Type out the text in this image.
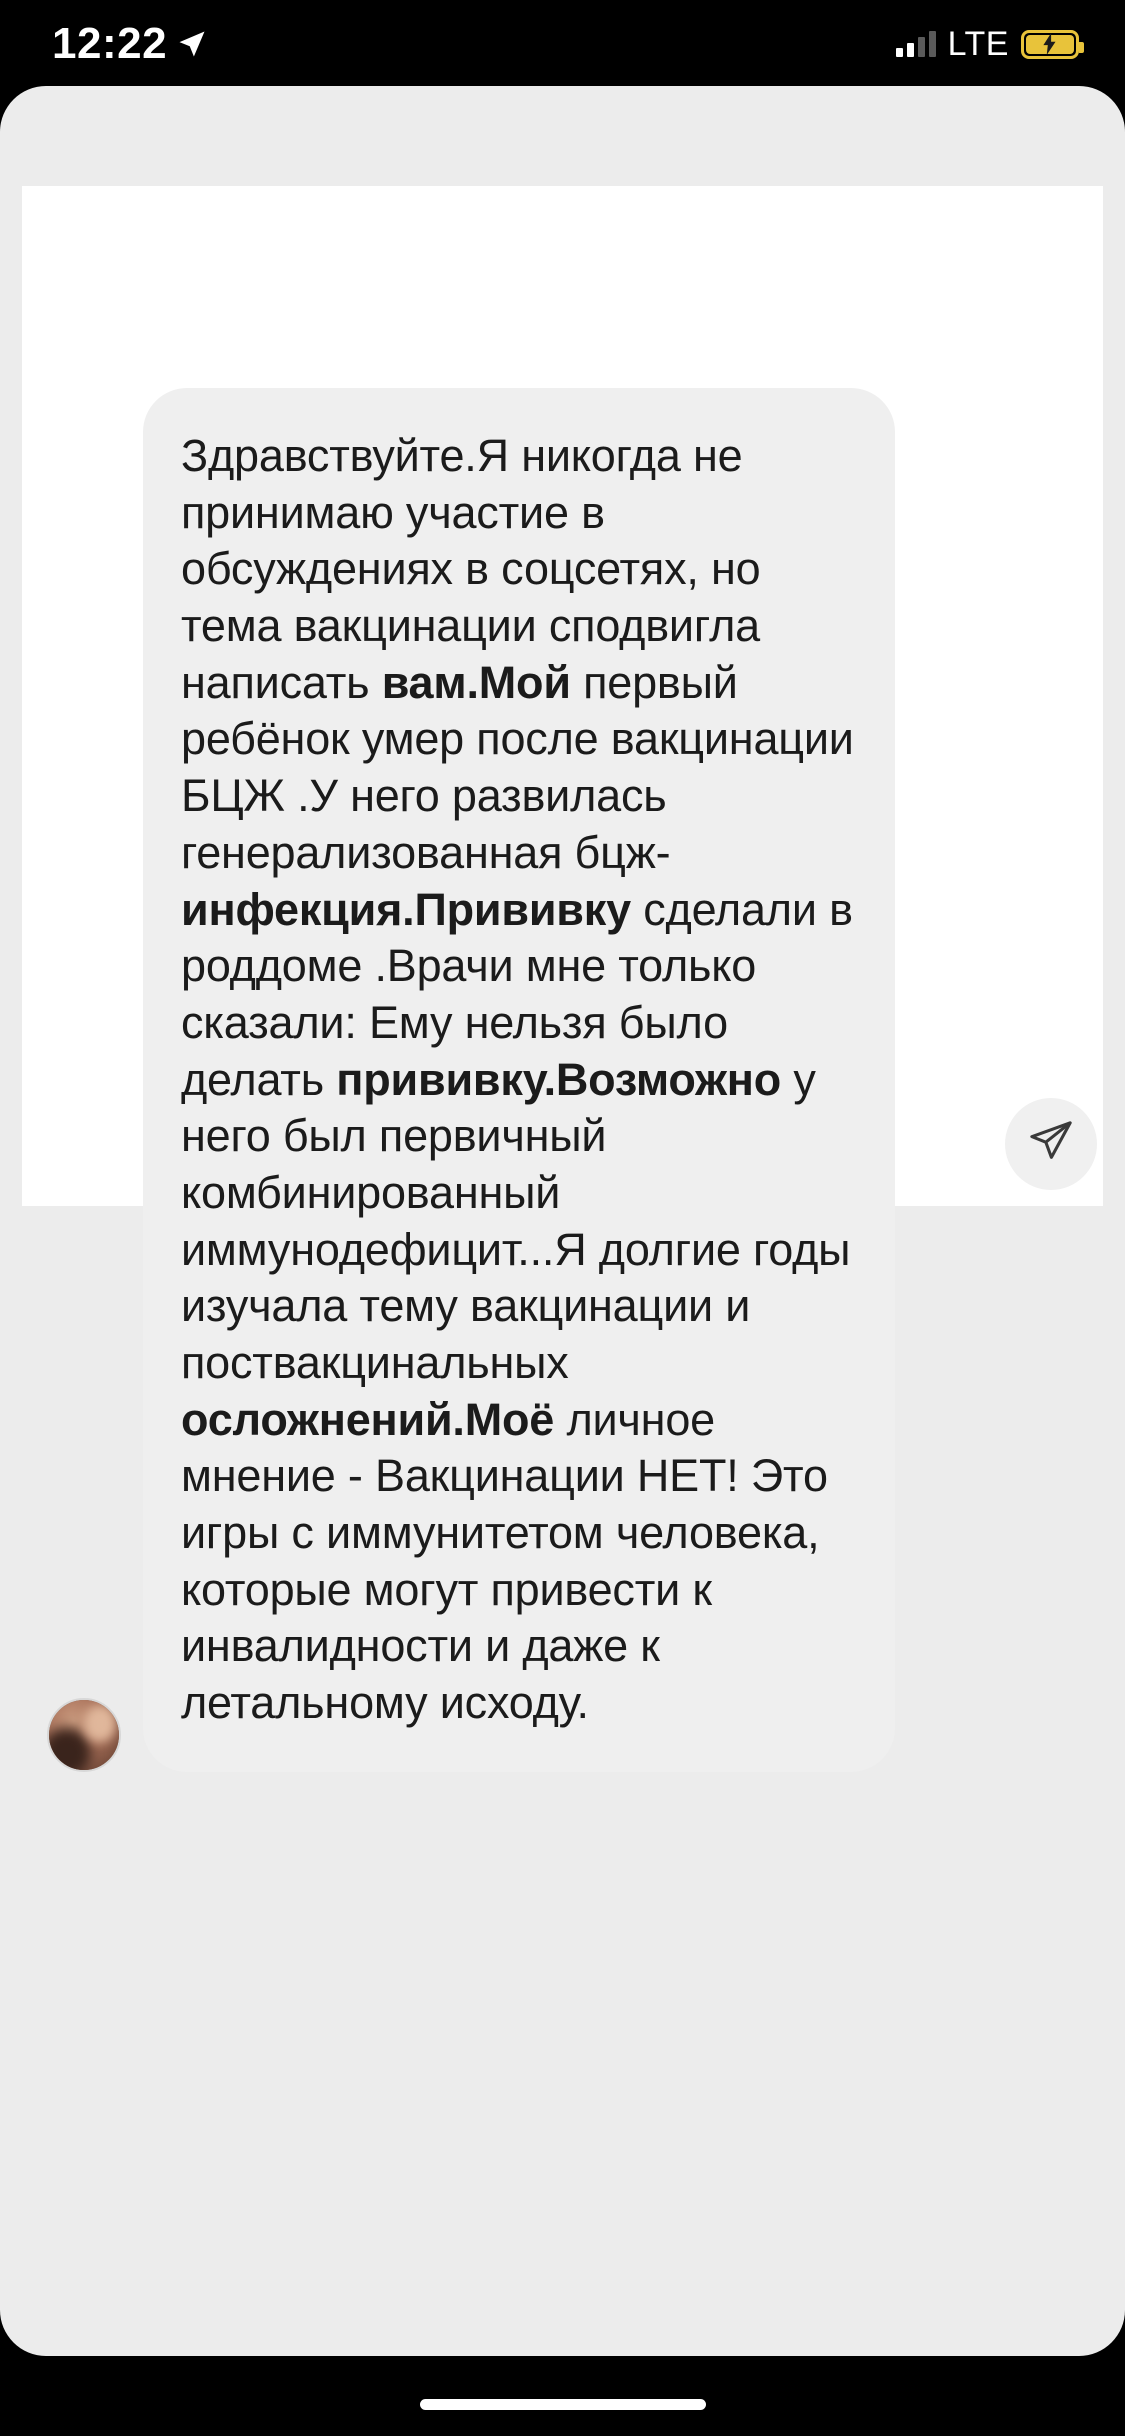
12:22	LTE

Здравствуйте.Я никогда не принимаю участие в обсуждениях в соцсетях, но тема вакцинации сподвигла написать вам.Мой первый ребёнок умер после вакцинации БЦЖ .У него развилась генерализованная бцж-инфекция.Прививку сделали в роддоме .Врачи мне только сказали: Ему нельзя было делать прививку.Возможно у него был первичный комбинированный иммунодефицит...Я долгие годы изучала тему вакцинации и поствакцинальных осложнений.Моё личное мнение - Вакцинации НЕТ! Это игры с иммунитетом человека, которые могут привести к инвалидности и даже к летальному исходу.
